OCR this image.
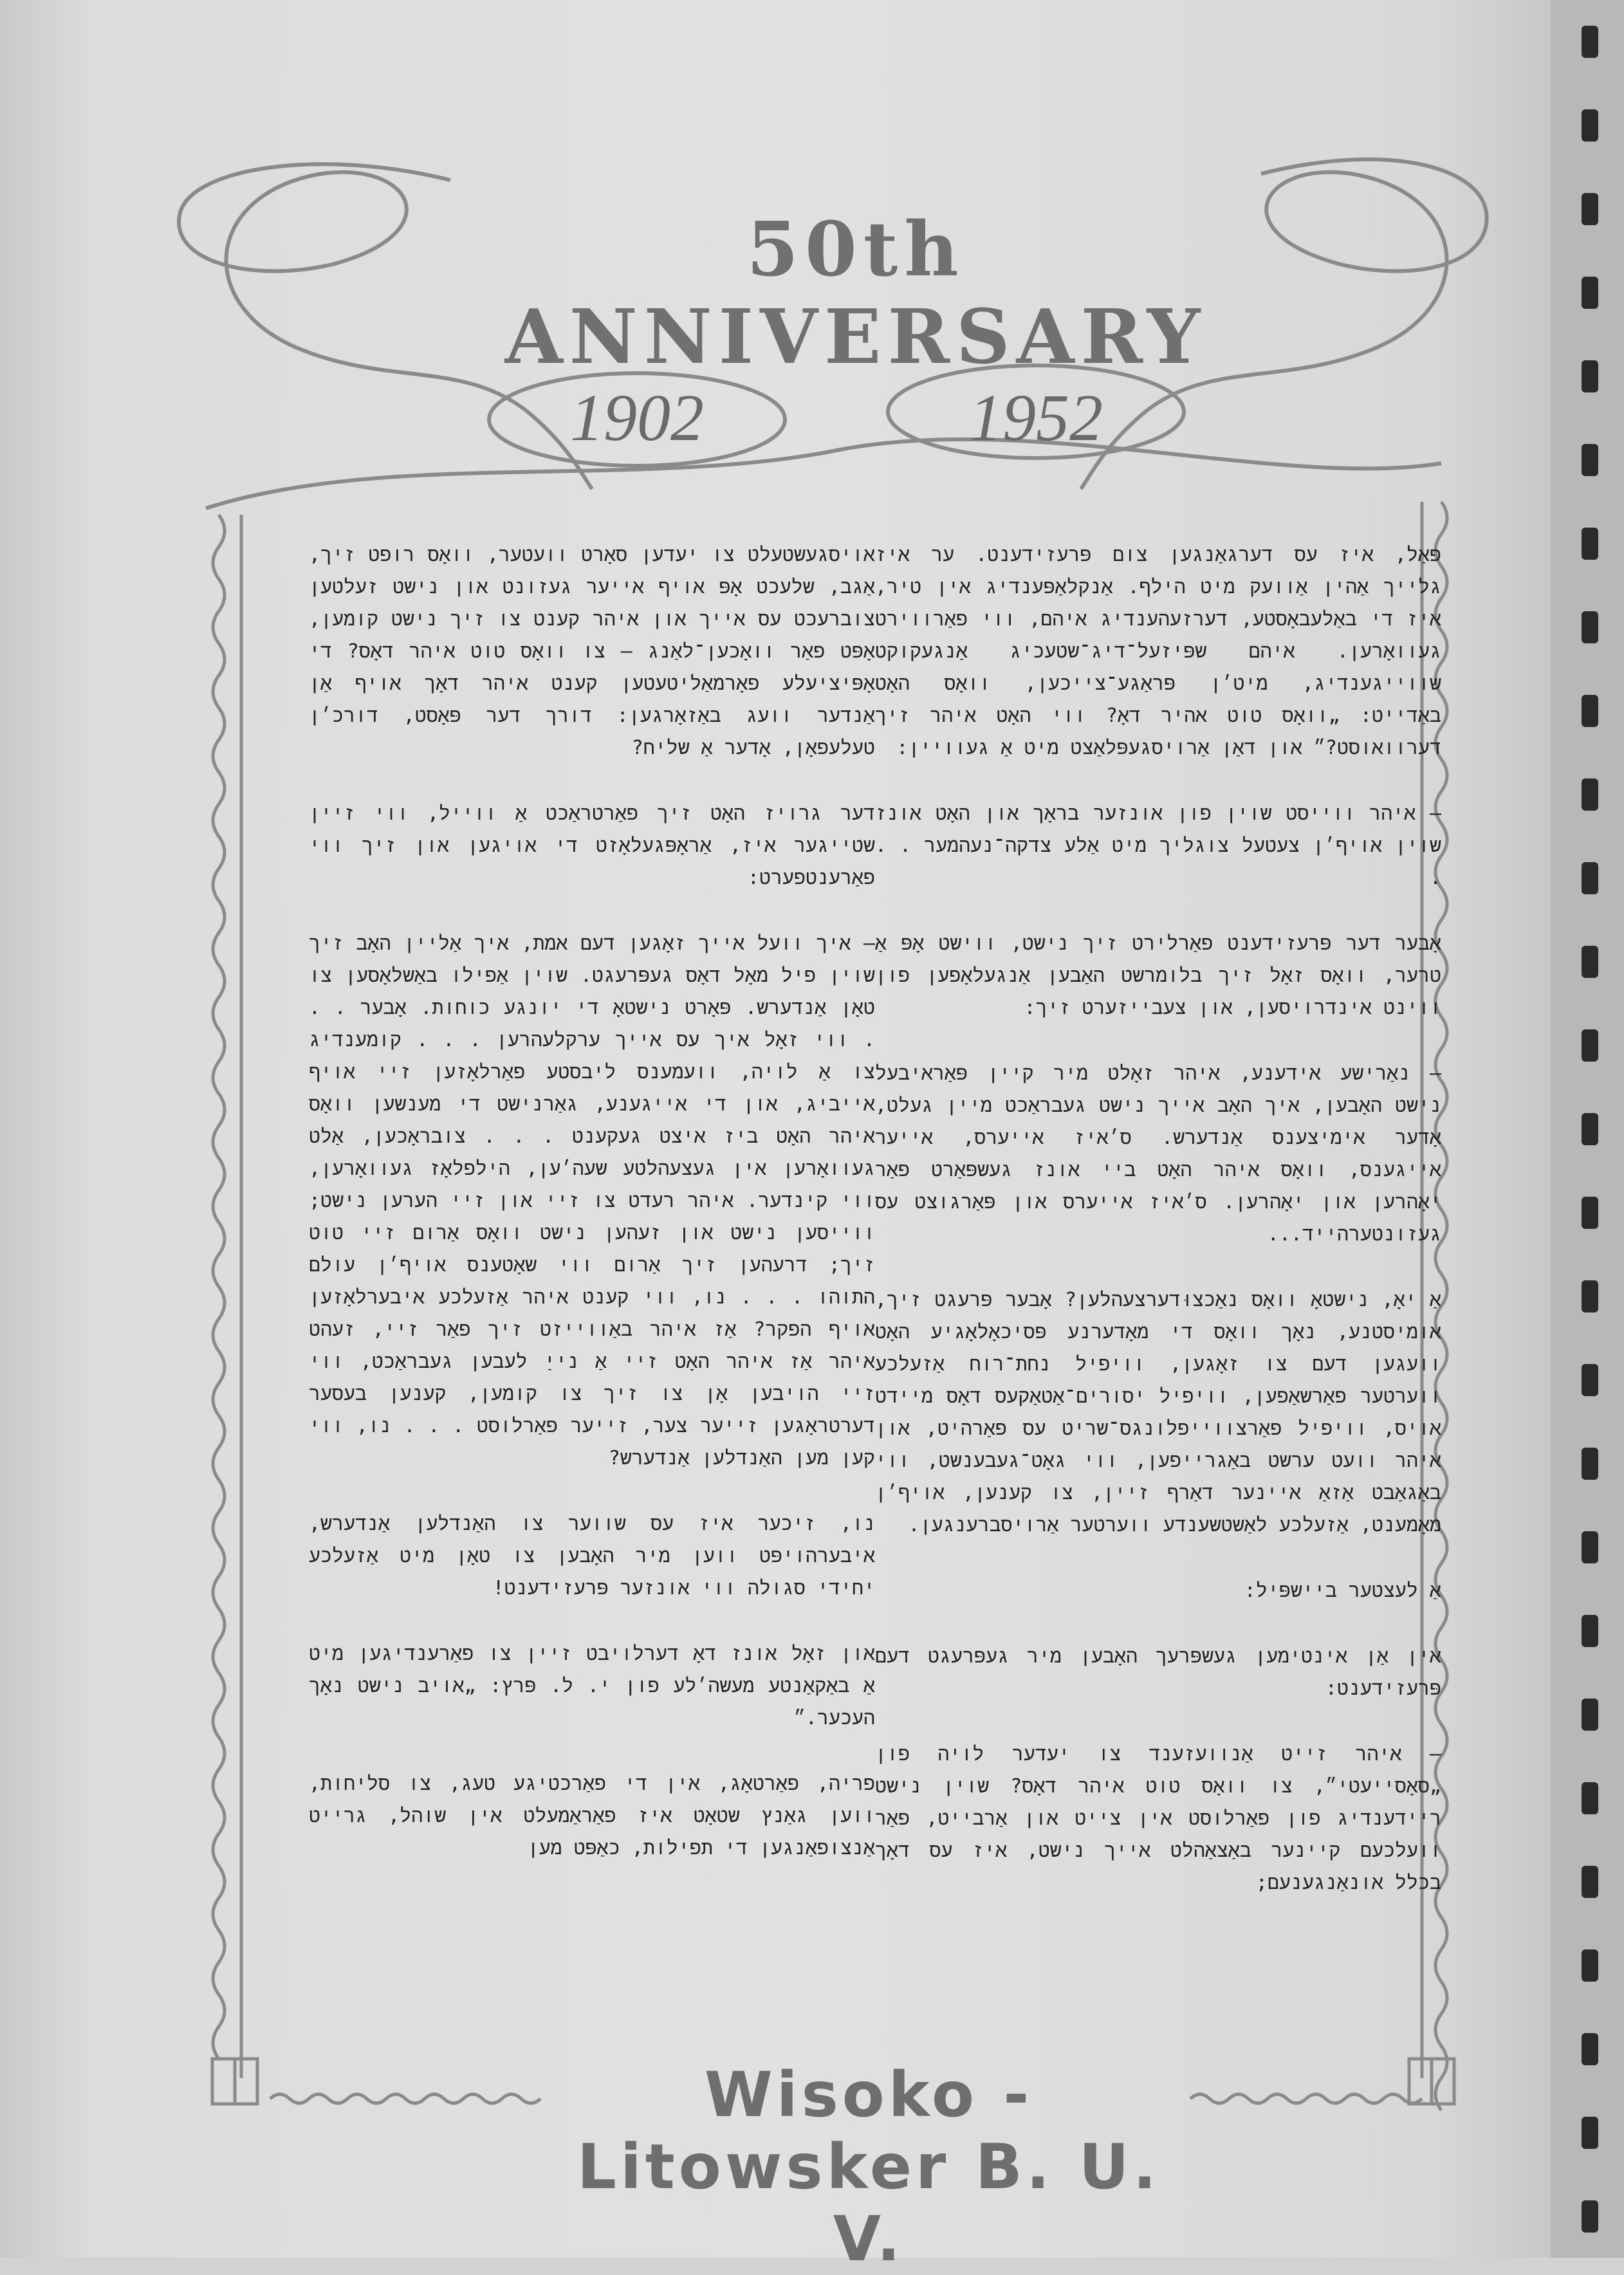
50th ANNIVERSARY
1902	1952

פאַל, איז עס דערגאַנגען צום פּרעזידענט. ער איז גלייך אַהין אַוועק מיט הילף. אַנקלאַפּענדיג אין טיר, איז די באַלעבאָסטע, דערזעהענדיג איהם, ווי פאַרווירט געוואָרען. איהם שפּיזעל־דיג־שטעכיג אַנגעקוקט שווייגענדיג, מיט׳ן פּראַגע־צייכען, וואָס האָט באַדייט: „וואָס טוט אהיר דאָ? ווי האָט איהר זיך דערוואוסט?״ און דאַן אַרויסגעפּלאַצט מיט אַ געוויין:

— איהר ווייסט שוין פון אונזער בראָך און האָט אונז שוין אויף׳ן צעטעל צוגליך מיט אַלע צדקה־נעהמער . . .

אָבער דער פּרעזידענט פאַרלירט זיך נישט, ווישט אָפּ אַ טרער, וואָס זאָל זיך בלומרשט האַבען אַנגעלאָפען פון ווינט אינדרויסען, און צעבייזערט זיך:

— נאַרישע אידענע, איהר זאָלט מיר קיין פּאַראיבעל נישט האָבען, איך האָב אייך נישט געבראַכט מיין געלט, אָדער אימיצענס אַנדערש. ס׳איז אייערס, אייער אייגענס, וואָס איהר האָט ביי אונז געשפּאַרט פאַר יאָהרען און יאָהרען. ס׳איז אייערס און פּאַרגוצט עס געזונטערהייד...

אַ יאָ, נישטאָ וואָס נאַכצוּדערצעהלען? אָבער פּרעגט זיך, אומיסטנע, נאָך וואָס די מאָדערנע פּסיכאָלאָגיע האָט וועגען דעם צו זאָגען, וויפיל נחת־רוח אַזעלכע ווערטער פאַרשאַפען, וויפיל יסורים־אַטאַקעס דאָס מיידט אויס, וויפיל פאַרצווייפלונגס־שריט עס פאַרהיט, און איהר וועט ערשט באַגרייפען, ווי גאָט־געבענשט, ווי באַגאַבט אַזאַ איינער דאַרף זיין, צו קענען, אויף׳ן מאָמענט, אַזעלכע לאַשטשענדע ווערטער אַרויסברענגען.

אַ לעצטער ביישפּיל:

אין אַן אינטימען געשפּרעך האָבען מיר געפּרעגט דעם פּרעזידענט:

— איהר זייט אַנוועזענד צו יעדער לויה פון „סאָסייעטי״, צו וואָס טוט איהר דאָס? שוין נישט ריידענדיג פון פאַרלוסט אין צייט און אַרבייט, פאַר וועלכעם קיינער באַצאַהלט אייך נישט, איז עס דאָך בכלל אונאַנגענעם;

אויסגעשטעלט צו יעדען סאָרט וועטער, וואָס רופט זיך, אַגב, שלעכט אָפּ אויף אייער געזונט און נישט זעלטען צוברעכט עס אייך און איהר קענט צו זיך נישט קומען, אָפּט פאַר וואָכען־לאַנג — צו וואָס טוט איהר דאָס? די אָפּיציעלע פאָרמאַליטעטען קענט איהר דאָך אויף אַן אַנדער וועג באַזאָרגען: דורך דער פּאָסט, דורכ׳ן טעלעפאָן, אָדער אַ שליח?

דער גרויז האָט זיך פאַרטראַכט אַ ווייל, ווי זיין שטייגער איז, אַראָפּגעלאָזט די אויגען און זיך ווי פאַרענטפערט:

— איך וועל אייך זאָגען דעם אמת, איך אַליין האָב זיך שוין פיל מאָל דאָס געפּרעגט. שוין אַפילו באַשלאָסען צו טאָן אַנדערש. פּאָרט נישטאָ די יונגע כוחות. אָבער . . . ווי זאָל איך עס אייך ערקלעהרען . . . קומענדיג צו אַ לויה, וועמענס ליבסטע פאַרלאָזען זיי אויף אייביג, און די אייגענע, גאַרנישט די מענשען וואָס איהר האָט ביז איצט געקענט . . . צובראָכען, אַלט געוואָרען אין געצעהלטע שעה׳ען, הילפלאָז געוואָרען, ווי קינדער. איהר רעדט צו זיי און זיי הערען נישט; ווייסען נישט און זעהען נישט וואָס אַרום זיי טוט זיך; דרעהען זיך אַרום ווי שאָטענס אויף׳ן עולם התוהו . . . נו, ווי קענט איהר אַזעלכע איבערלאָזען אויף הפקר? אַז איהר באַווייזט זיך פאַר זיי, זעהט איהר אַז איהר האָט זיי אַ נייַ לעבען געבראַכט, ווי זיי הויבען אָן צו זיך צו קומען, קענען בעסער דערטראָגען זייער צער, זייער פאַרלוסט . . . נו, ווי קען מען האַנדלען אַנדערש?

נו, זיכער איז עס שווער צו האַנדלען אַנדערש, איבערהויפּט ווען מיר האָבען צו טאָן מיט אַזעלכע יחידי סגולה ווי אונזער פּרעזידענט!

און זאָל אונז דאָ דערלויבט זיין צו פאַרענדיגען מיט אַ באַקאַנטע מעשה׳לע פון י. ל. פּרץ: „אויב נישט נאָך העכער.״

פריה, פאַרטאָג, אין די פאַרכטיגע טעג, צו סליחות, ווען גאַנץ שטאָט איז פאַראַמעלט אין שוהל, גרייט אַנצופאַנגען די תפילות, כאַפּט מען

Wisoko - Litowsker B. U. V.
